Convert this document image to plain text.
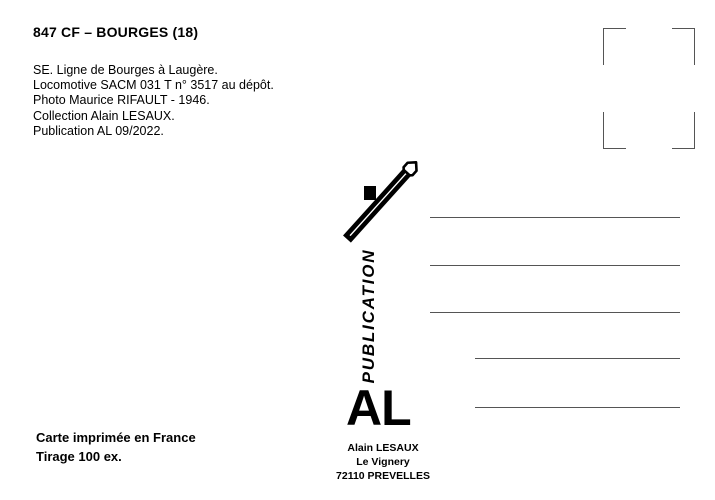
847 CF – BOURGES (18)
SE. Ligne de Bourges à Laugère.
Locomotive SACM 031 T n° 3517 au dépôt.
Photo Maurice RIFAULT - 1946.
Collection Alain LESAUX.
Publication AL 09/2022.
Carte imprimée en France
Tirage 100 ex.
PUBLICATION
AL
Alain LESAUX
Le Vignery
72110 PREVELLES
